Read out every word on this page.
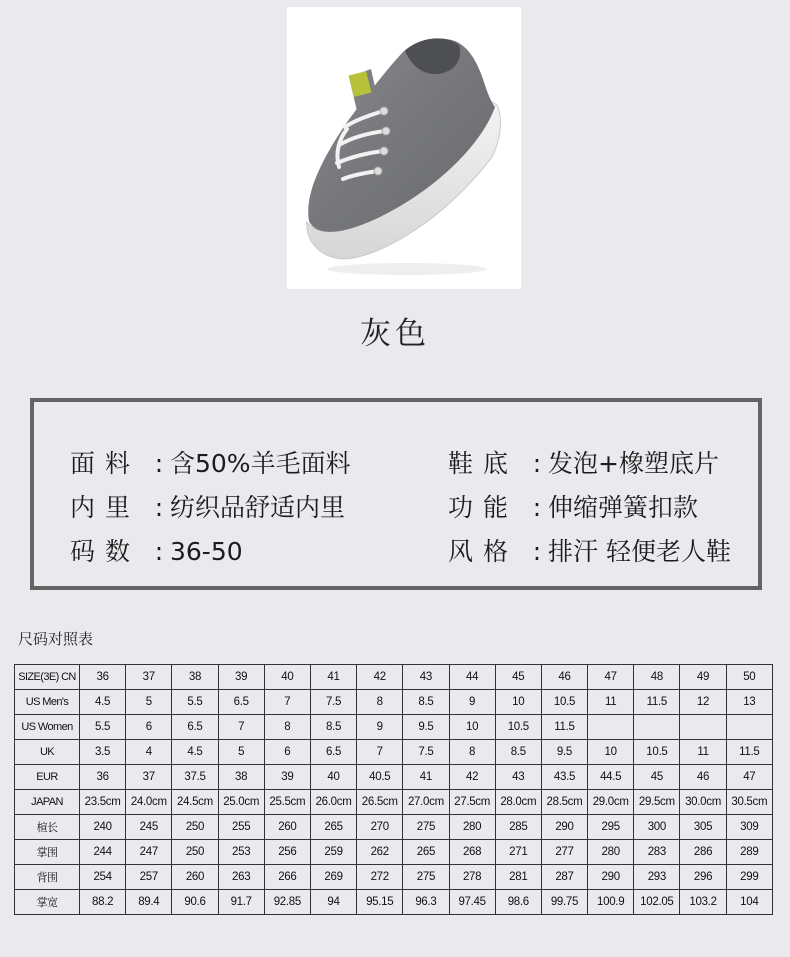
灰色
面料 : 含50%羊毛面料
内里 : 纺织品舒适内里
码数 : 36-50
鞋底 : 发泡+橡塑底片
功能 : 伸缩弹簧扣款
风格 : 排汗 轻便老人鞋
尺码对照表
SIZE(3E) CN	36	37	38	39	40	41	42	43	44	45	46	47	48	49	50
US Men's	4.5	5	5.5	6.5	7	7.5	8	8.5	9	10	10.5	11	11.5	12	13
US Women	5.5	6	6.5	7	8	8.5	9	9.5	10	10.5	11.5				
UK	3.5	4	4.5	5	6	6.5	7	7.5	8	8.5	9.5	10	10.5	11	11.5
EUR	36	37	37.5	38	39	40	40.5	41	42	43	43.5	44.5	45	46	47
JAPAN	23.5cm	24.0cm	24.5cm	25.0cm	25.5cm	26.0cm	26.5cm	27.0cm	27.5cm	28.0cm	28.5cm	29.0cm	29.5cm	30.0cm	30.5cm
楦长	240	245	250	255	260	265	270	275	280	285	290	295	300	305	309
掌围	244	247	250	253	256	259	262	265	268	271	277	280	283	286	289
背围	254	257	260	263	266	269	272	275	278	281	287	290	293	296	299
掌宽	88.2	89.4	90.6	91.7	92.85	94	95.15	96.3	97.45	98.6	99.75	100.9	102.05	103.2	104
